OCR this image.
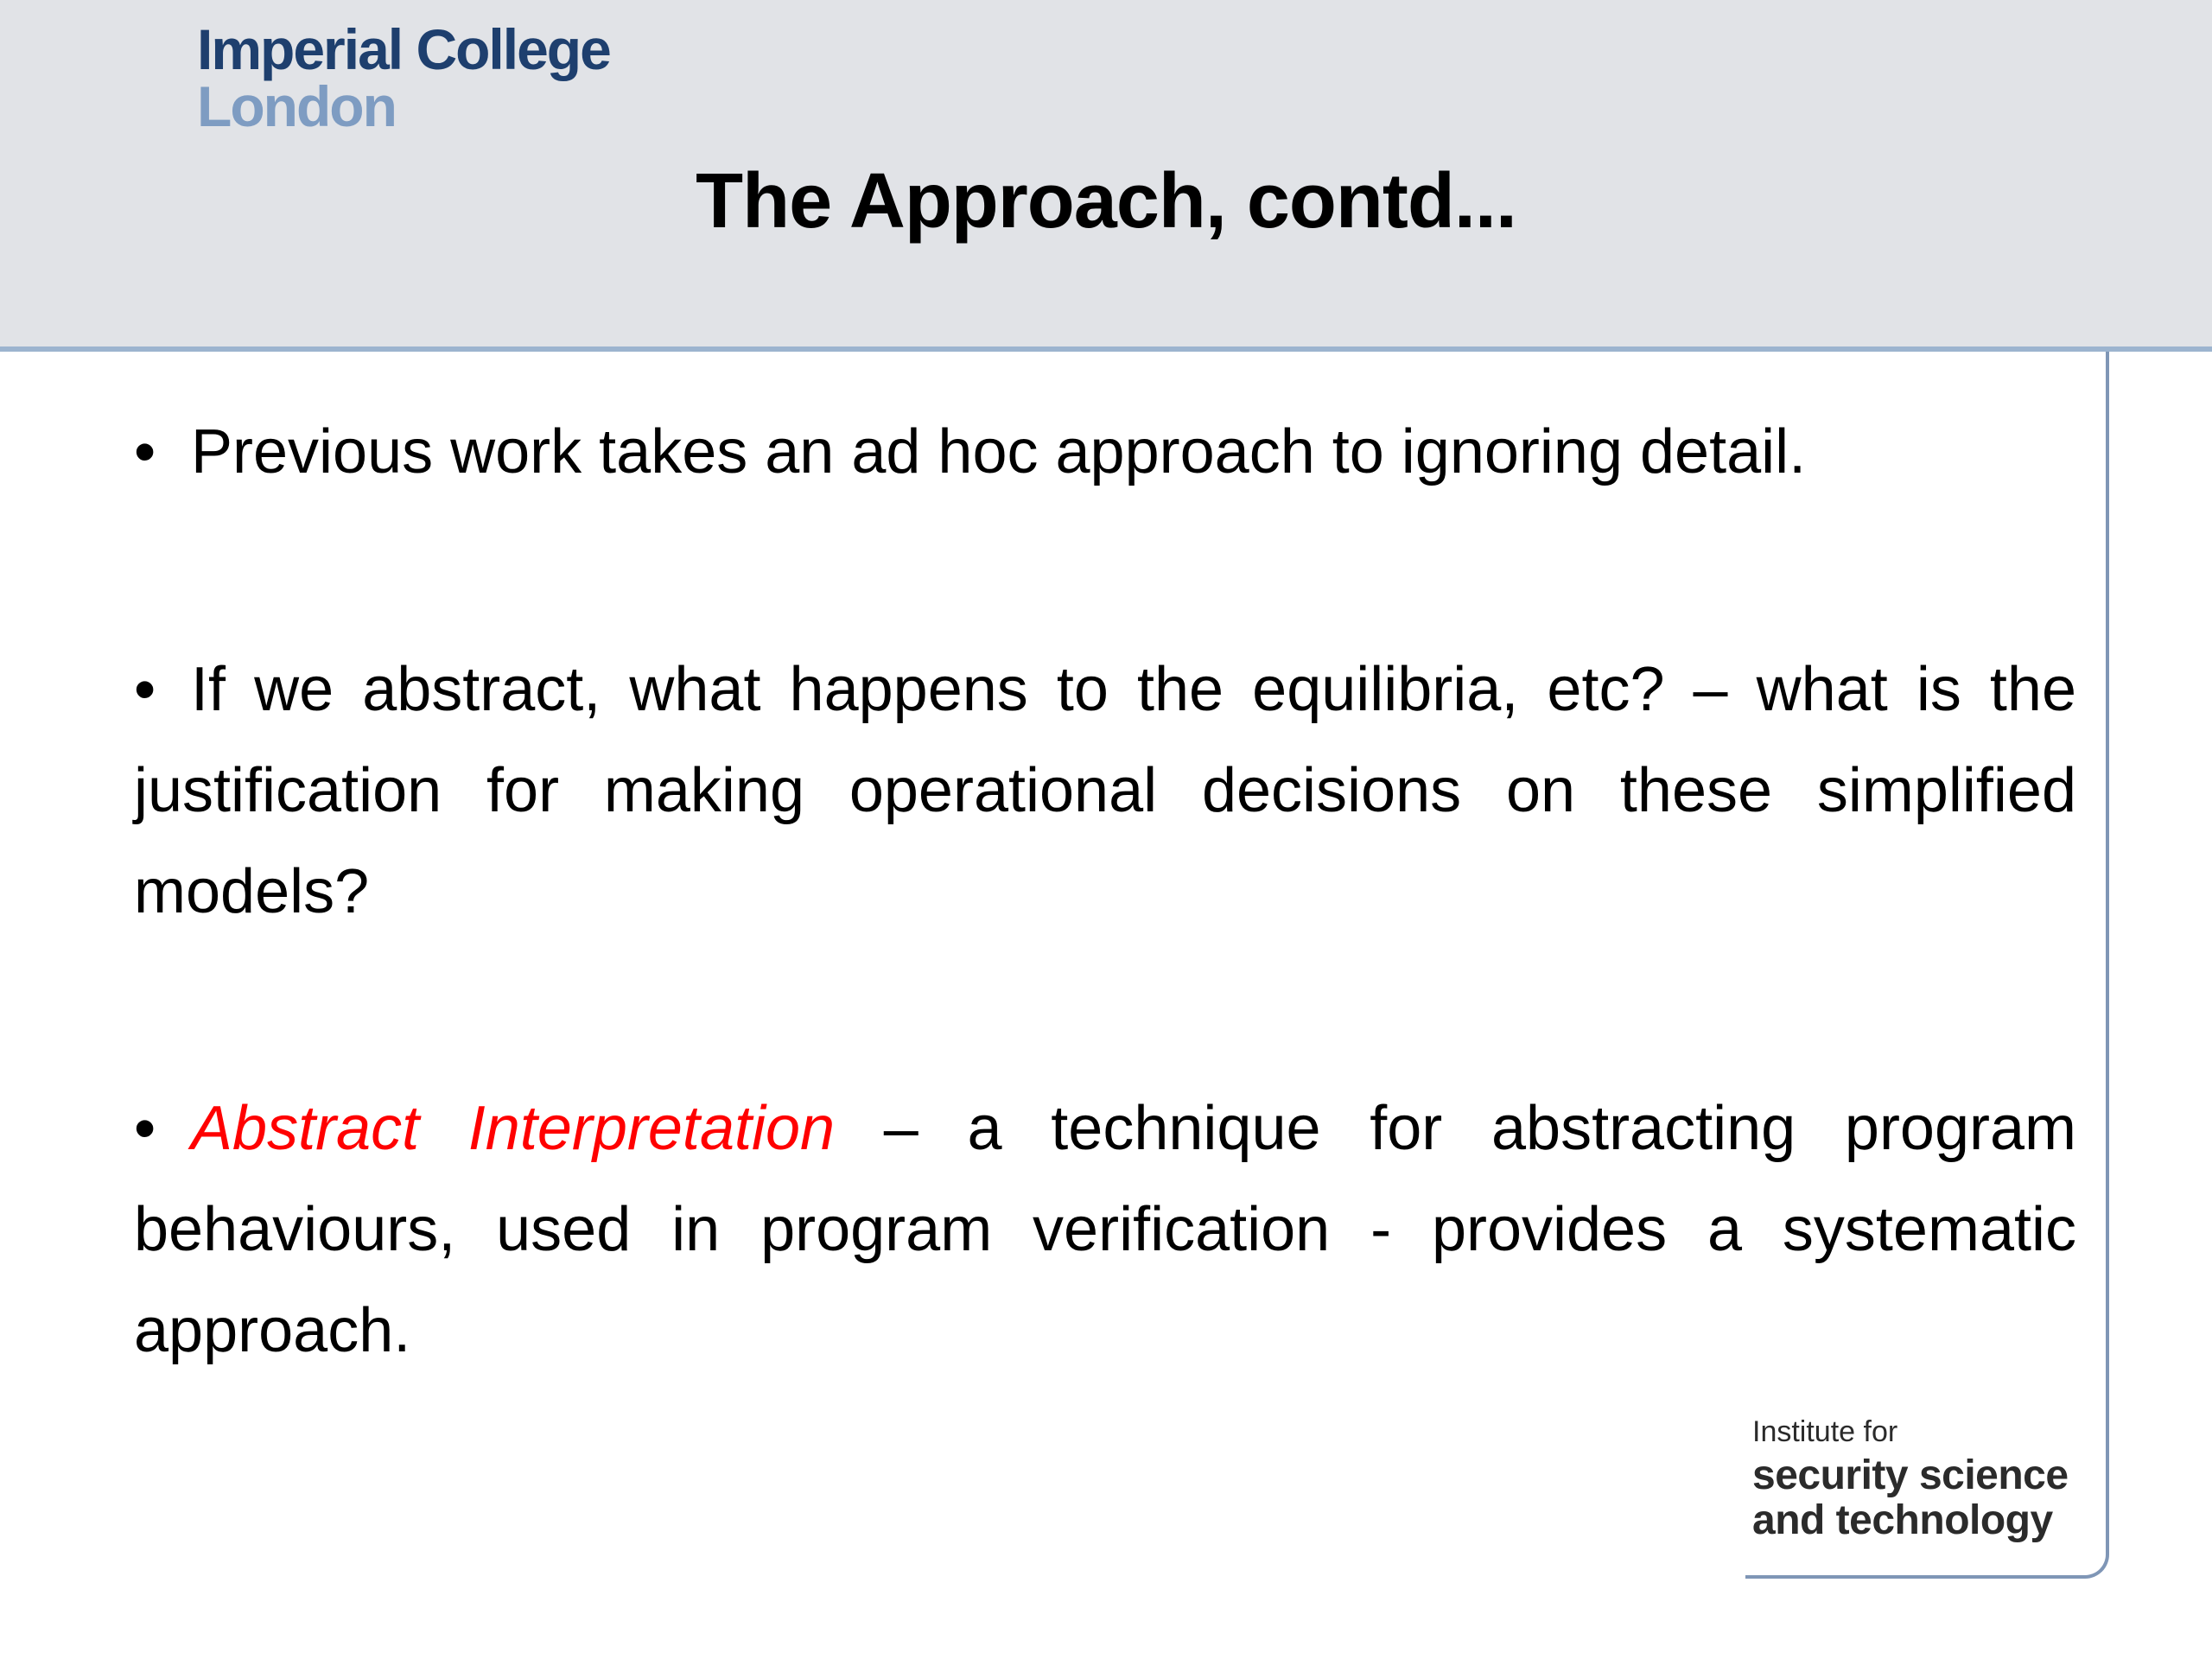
Imperial College
London
The Approach, contd...
• Previous work takes an ad hoc approach to ignoring detail.
• If we abstract, what happens to the equilibria, etc? – what is the justification for making operational decisions on these simplified models?
• Abstract Interpretation – a technique for abstracting program behaviours, used in program verification - provides a systematic approach.
Institute for
security science
and technology
